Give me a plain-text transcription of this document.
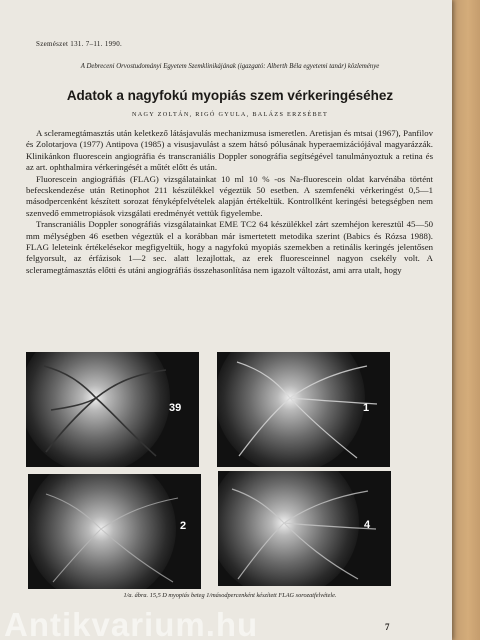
Szemészet 131. 7–11. 1990.
A Debreceni Orvostudományi Egyetem Szemklinikájának (igazgató: Alberth Béla egyetemi tanár) közleménye
Adatok a nagyfokú myopiás szem vérkeringéséhez
NAGY ZOLTÁN, RIGÓ GYULA, BALÁZS ERZSÉBET

A scleramegtámasztás után keletkező látásjavulás mechanizmusa ismeretlen. Aretisjan és mtsai (1967), Panfilov és Zolotarjova (1977) Antipova (1985) a visusjavulást a szem hátsó pólusának hyperaemizációjával magyarázzák. Klinikánkon fluorescein angiográfia és transcraniális Doppler sonográfia segítségével tanulmányoztuk a retina és az art. ophthalmira vérkeringését a műtét előtt és után.

Fluorescein angiográfiás (FLAG) vizsgálatainkat 10 ml 10 % -os Na-fluorescein oldat karvénába történt befecskendezése után Retinophot 211 készülékkel végeztük 50 esetben. A szemfenéki vérkeringést 0,5—1 másodpercenként készített sorozat fényképfelvételek alapján értékeltük. Kontrollként keringési betegségben nem szenvedő emmetropiások vizsgálati eredményét vettük figyelembe.

Transcraniális Doppler sonográfiás vizsgálatainkat EME TC2 64 készülékkel zárt szemhéjon keresztül 45—50 mm mélységben 46 esetben végeztük el a korábban már ismertetett metodika szerint (Babics és Rózsa 1988). FLAG leleteink értékelésekor megfigyeltük, hogy a nagyfokú myopiás szemekben a retinális keringés jelentősen felgyorsult, az érfázisok 1—2 sec. alatt lezajlottak, az erek fluoresceinnel nagyon csekély volt. A scleramegtámasztás előtti és utáni angiográfiás összehasonlítása nem igazolt változást, ami arra utalt, hogy

39	1
2	4
1/a. ábra. 15,5 D myopiás beteg 1/másodpercenként készített FLAG sorozatfelvétele.
7
Antikvarium.hu
